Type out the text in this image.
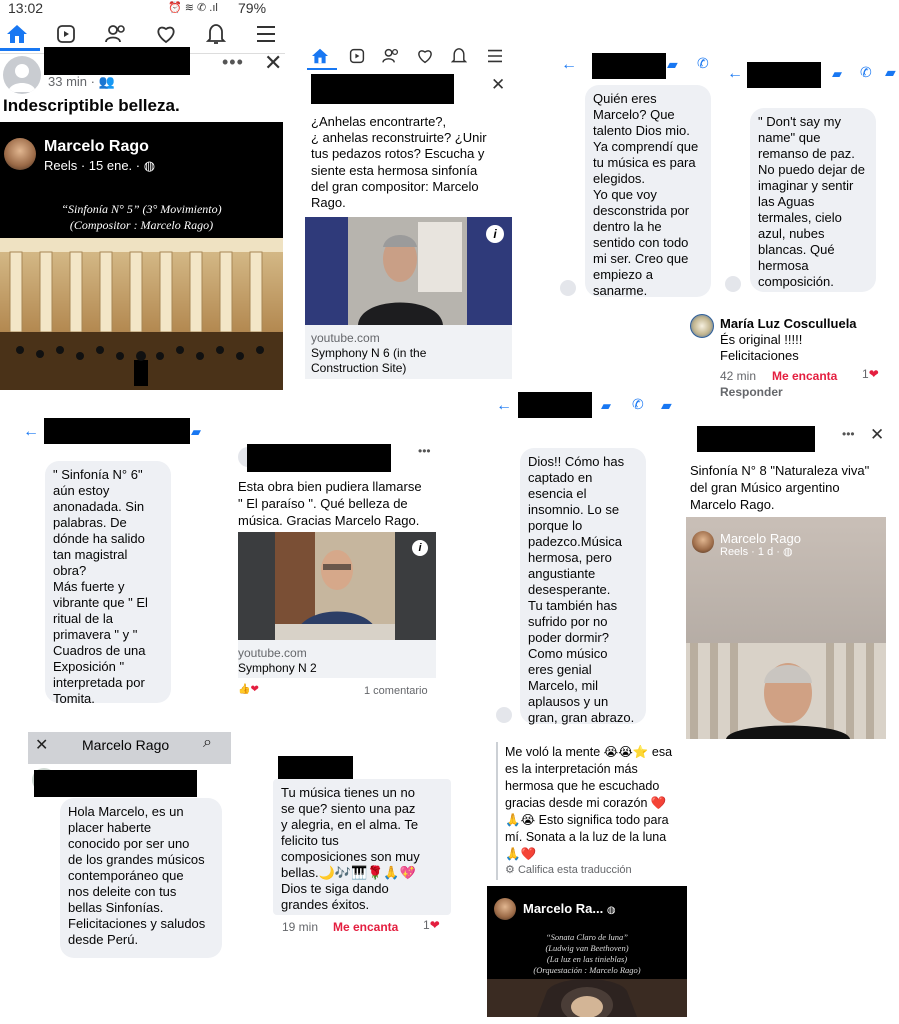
13:02	⏰ ≋ ✆ .ıl 79%
33 min · 👥
••• ✕
Indescriptible belleza.
Marcelo Rago
Reels · 15 ene. · ◍
“Sinfonía N° 5” (3° Movimiento)
(Compositor : Marcelo Rago)
✕
¿Anhelas encontrarte?,
¿ anhelas reconstruirte? ¿Unir
tus pedazos rotos? Escucha y
siente esta hermosa sinfonía
del gran compositor: Marcelo
Rago.
i
youtube.com
Symphony N 6 (in the
Construction Site)
←	▰ ✆
Quién eres
Marcelo? Que
talento Dios mio.
Ya comprendí que
tu música es para
elegidos.
Yo que voy
desconstrida por
dentro la he
sentido con todo
mi ser. Creo que
empiezo a
sanarme.
←	▰ ✆ ▰
" Don't say my
name" que
remanso de paz.
No puedo dejar de
imaginar y sentir
las Aguas
termales, cielo
azul, nubes
blancas. Qué
hermosa
composición.
María Luz Cosculluela
És original !!!!!
Felicitaciones
42 min Me encanta
Responder
1❤
←	▰
" Sinfonía N° 6"
aún estoy
anonadada. Sin
palabras. De
dónde ha salido
tan magistral
obra?
Más fuerte y
vibrante que " El
ritual de la
primavera " y "
Cuadros de una
Exposición "
interpretada por
Tomita.
•••
Esta obra bien pudiera llamarse
" El paraíso ". Qué belleza de
música. Gracias Marcelo Rago.
i
youtube.com
Symphony N 2
👍❤	1 comentario
←	▰ ✆ ▰
Dios!! Cómo has
captado en
esencia el
insomnio. Lo se
porque lo
padezco.Música
hermosa, pero
angustiante
desesperante.
Tu también has
sufrido por no
poder dormir?
Como músico
eres genial
Marcelo, mil
aplausos y un
gran, gran abrazo.
••• ✕
Sinfonía N° 8 "Naturaleza viva"
del gran Músico argentino
Marcelo Rago.
Marcelo Rago
Reels · 1 d · ◍
✕ Marcelo Rago ⌕
Hola Marcelo, es un
placer haberte
conocido por ser uno
de los grandes músicos
contemporáneo que
nos deleite con tus
bellas Sinfonías.
Felicitaciones y saludos
desde Perú.
Tu música tienes un no
se que? siento una paz
y alegria, en el alma. Te
felicito tus
composiciones son muy
bellas.🌙🎶🎹🌹🙏💖
Dios te siga dando
grandes éxitos.
19 min Me encanta 1❤
Me voló la mente 😭😭⭐ esa
es la interpretación más
hermosa que he escuchado
gracias desde mi corazón ❤️
🙏😭 Esto significa todo para
mí. Sonata a la luz de la luna
🙏❤️
⚙ Califica esta traducción
Marcelo Ra... ◍
“Sonata Claro de luna”
(Ludwig van Beethoven)
(La luz en las tinieblas)
(Orquestación : Marcelo Rago)
